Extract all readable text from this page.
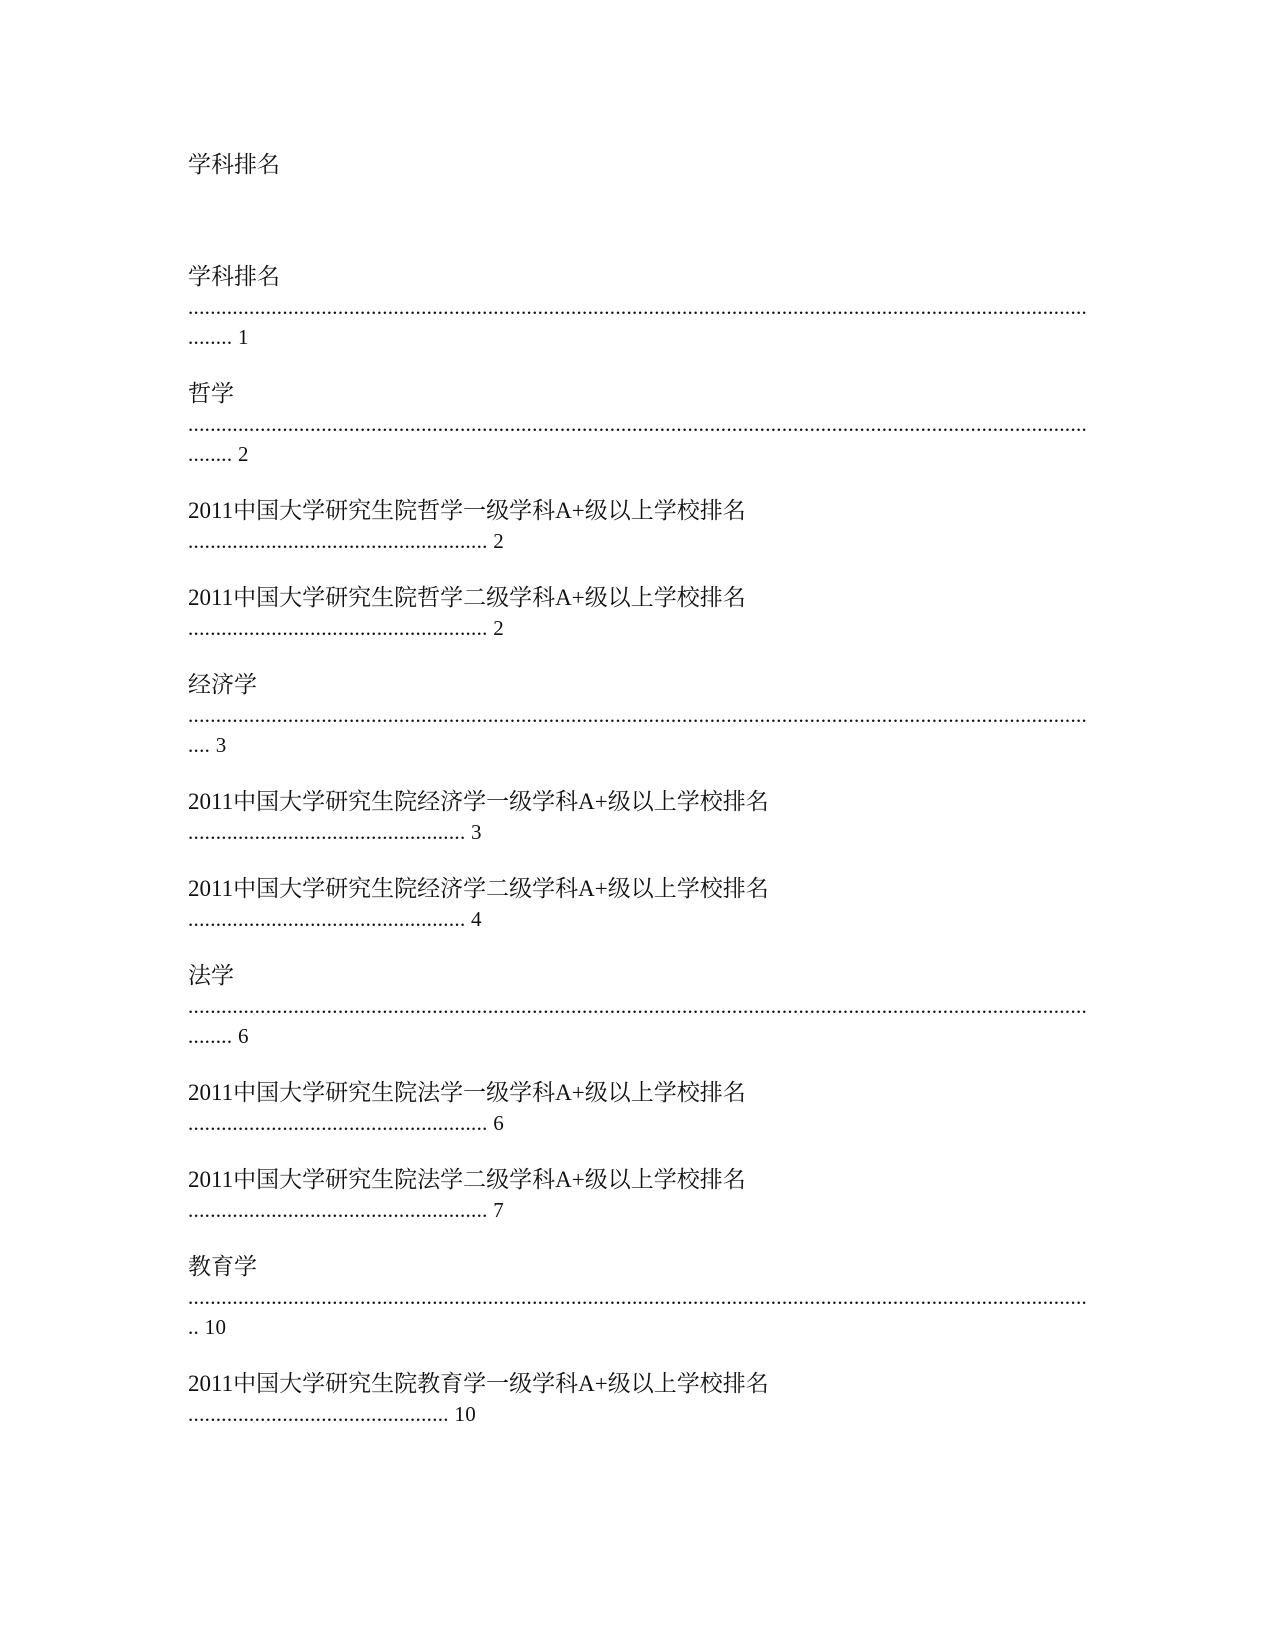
学科排名
学科排名
..................................................................................................................................................................
........ 1
哲学
..................................................................................................................................................................
........ 2
2011中国大学研究生院哲学一级学科A+级以上学校排名
...................................................... 2
2011中国大学研究生院哲学二级学科A+级以上学校排名
...................................................... 2
经济学
..................................................................................................................................................................
.... 3
2011中国大学研究生院经济学一级学科A+级以上学校排名
.................................................. 3
2011中国大学研究生院经济学二级学科A+级以上学校排名
.................................................. 4
法学
..................................................................................................................................................................
........ 6
2011中国大学研究生院法学一级学科A+级以上学校排名
...................................................... 6
2011中国大学研究生院法学二级学科A+级以上学校排名
...................................................... 7
教育学
..................................................................................................................................................................
.. 10
2011中国大学研究生院教育学一级学科A+级以上学校排名
............................................... 10
